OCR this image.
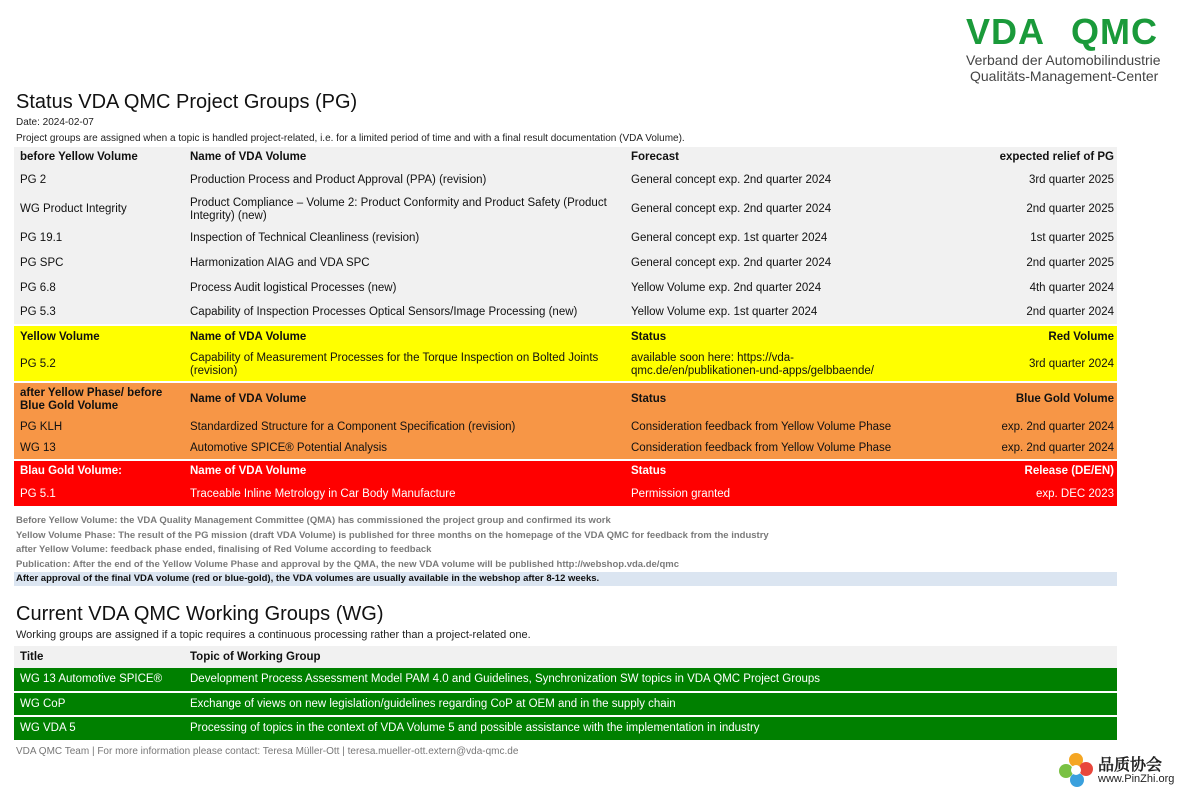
VDA QMC
Verband der Automobilindustrie
Qualitäts-Management-Center
Status VDA QMC Project Groups (PG)
Date: 2024-02-07
Project groups are assigned when a topic is handled project-related, i.e. for a limited period of time and with a final result documentation (VDA Volume).
before Yellow Volume	Name of VDA Volume	Forecast	expected relief of PG
PG 2	Production Process and Product Approval (PPA) (revision)	General concept exp. 2nd quarter 2024	3rd quarter 2025
WG Product Integrity	Product Compliance – Volume 2: Product Conformity and Product Safety (Product Integrity) (new)	General concept exp. 2nd quarter 2024	2nd quarter 2025
PG 19.1	Inspection of Technical Cleanliness (revision)	General concept exp. 1st quarter 2024	1st quarter 2025
PG SPC	Harmonization AIAG and VDA SPC	General concept exp. 2nd quarter 2024	2nd quarter 2025
PG 6.8	Process Audit logistical Processes (new)	Yellow Volume exp. 2nd quarter 2024	4th quarter 2024
PG 5.3	Capability of Inspection Processes Optical Sensors/Image Processing (new)	Yellow Volume exp. 1st quarter 2024	2nd quarter 2024
Yellow Volume	Name of VDA Volume	Status	Red Volume
PG 5.2	Capability of Measurement Processes for the Torque Inspection on Bolted Joints (revision)	available soon here: https://vda-qmc.de/en/publikationen-und-apps/gelbbaende/	3rd quarter 2024
after Yellow Phase/ before Blue Gold Volume	Name of VDA Volume	Status	Blue Gold Volume
PG KLH	Standardized Structure for a Component Specification (revision)	Consideration feedback from Yellow Volume Phase	exp. 2nd quarter 2024
WG 13	Automotive SPICE® Potential Analysis	Consideration feedback from Yellow Volume Phase	exp. 2nd quarter 2024
Blau Gold Volume:	Name of VDA Volume	Status	Release (DE/EN)
PG 5.1	Traceable Inline Metrology in Car Body Manufacture	Permission granted	exp. DEC 2023
Before Yellow Volume: the VDA Quality Management Committee (QMA) has commissioned the project group and confirmed its work
Yellow Volume Phase: The result of the PG mission (draft VDA Volume) is published for three months on the homepage of the VDA QMC for feedback from the industry
after Yellow Volume: feedback phase ended, finalising of Red Volume according to feedback
Publication: After the end of the Yellow Volume Phase and approval by the QMA, the new VDA volume will be published http://webshop.vda.de/qmc
After approval of the final VDA volume (red or blue-gold), the VDA volumes are usually available in the webshop after 8-12 weeks.
Current VDA QMC Working Groups (WG)
Working groups are assigned if a topic requires a continuous processing rather than a project-related one.
Title	Topic of Working Group
WG 13 Automotive SPICE®	Development Process Assessment Model PAM 4.0 and Guidelines, Synchronization SW topics in VDA QMC Project Groups
WG CoP	Exchange of views on new legislation/guidelines regarding CoP at OEM and in the supply chain
WG VDA 5	Processing of topics in the context of VDA Volume 5 and possible assistance with the implementation in industry
VDA QMC Team | For more information please contact: Teresa Müller-Ott | teresa.mueller-ott.extern@vda-qmc.de
品质协会
www.PinZhi.org
